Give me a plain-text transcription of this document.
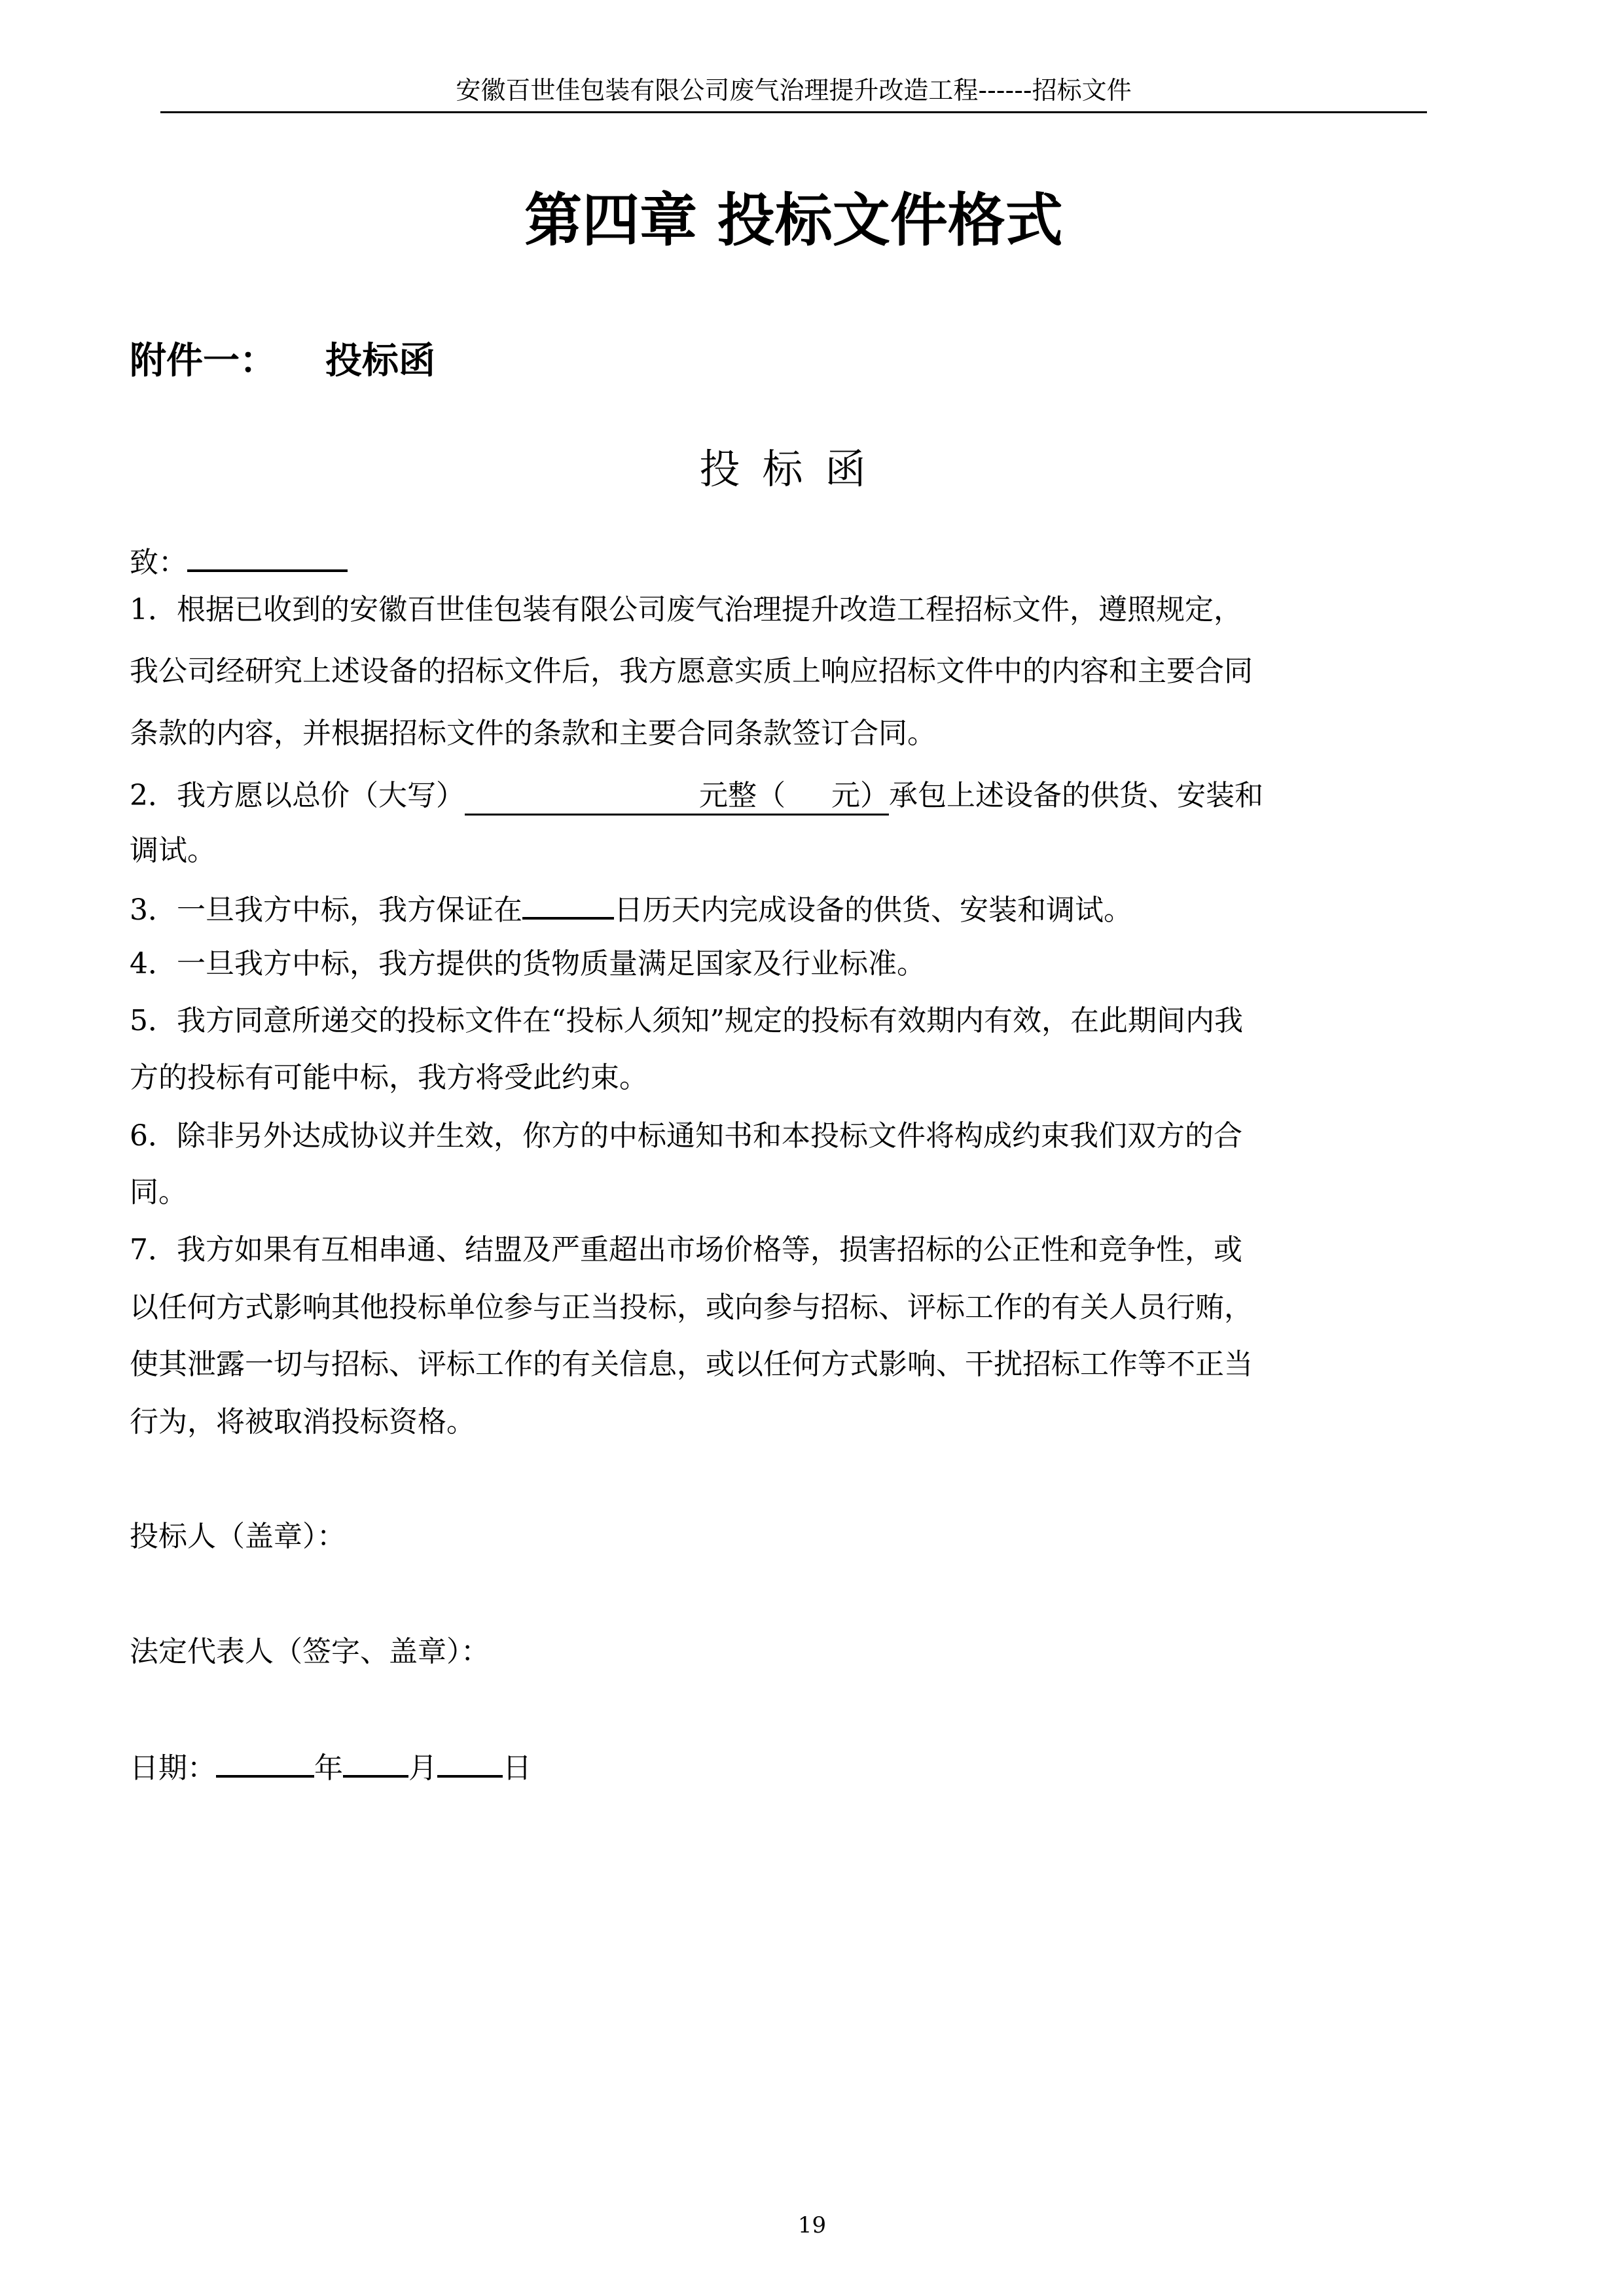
安徽百世佳包装有限公司废气治理提升改造工程------招标文件
第四章 投标文件格式
附件一： 投标函
投标函
致：
1．根据已收到的安徽百世佳包装有限公司废气治理提升改造工程招标文件，遵照规定，
我公司经研究上述设备的招标文件后，我方愿意实质上响应招标文件中的内容和主要合同
条款的内容，并根据招标文件的条款和主要合同条款签订合同。
2．我方愿以总价（大写）	元整（ 元）承包上述设备的供货、安装和
调试。
3．一旦我方中标，我方保证在	日历天内完成设备的供货、安装和调试。
4．一旦我方中标，我方提供的货物质量满足国家及行业标准。
5．我方同意所递交的投标文件在“投标人须知”规定的投标有效期内有效，在此期间内我
方的投标有可能中标，我方将受此约束。
6．除非另外达成协议并生效，你方的中标通知书和本投标文件将构成约束我们双方的合
同。
7．我方如果有互相串通、结盟及严重超出市场价格等，损害招标的公正性和竞争性，或
以任何方式影响其他投标单位参与正当投标，或向参与招标、评标工作的有关人员行贿，
使其泄露一切与招标、评标工作的有关信息，或以任何方式影响、干扰招标工作等不正当
行为，将被取消投标资格。
投标人（盖章）：
法定代表人（签字、盖章）：
日期：	年 月 日
19
